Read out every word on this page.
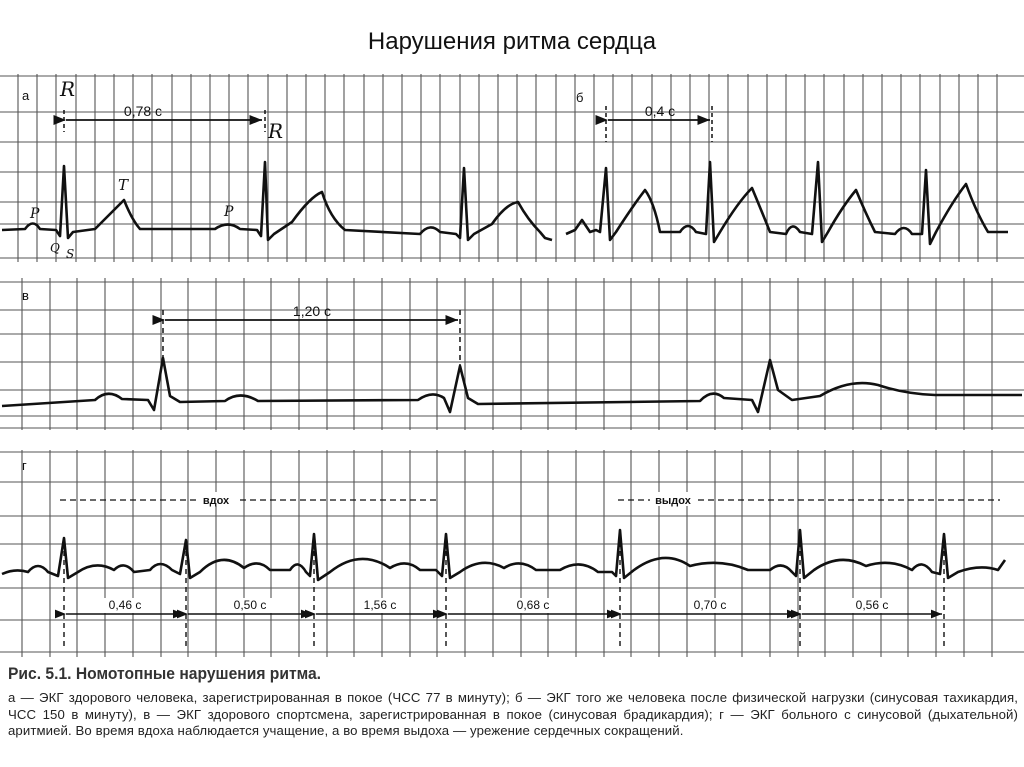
Нарушения ритма сердца
а	б
в
г
0,78 с	0,4 с
1,20 с
R
R
P	P
T
Q S
вдох	выдох
0,46 с	0,50 с	1,56 с	0,68 с	0,70 с	0,56 с

Рис. 5.1. Номотопные нарушения ритма.

а — ЭКГ здорового человека, зарегистрированная в покое (ЧСС 77 в минуту); б — ЭКГ того же человека после физической нагрузки (синусовая тахикардия, ЧСС 150 в минуту), в — ЭКГ здорового спортсмена, зарегистрированная в покое (синусовая брадикардия); г — ЭКГ больного с синусовой (дыхательной) аритмией. Во время вдоха наблюдается учащение, а во время выдоха — урежение сердечных сокращений.
